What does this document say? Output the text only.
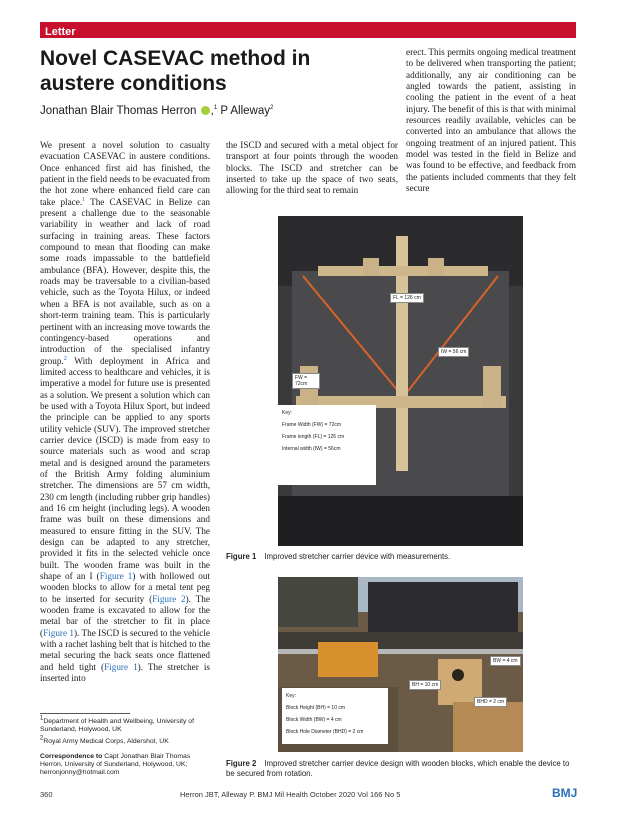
Letter
Novel CASEVAC method in austere conditions
Jonathan Blair Thomas Herron ,$^1$ P Alleway$^2$
We present a novel solution to casualty evacuation CASEVAC in austere conditions. Once enhanced first aid has finished, the patient in the field needs to be evacuated from the hot zone where enhanced field care can take place.$^1$ The CASEVAC in Belize can present a challenge due to the seasonable variability in weather and lack of road surfacing in training areas. These factors compound to mean that flooding can make some roads impassable to the battlefield ambulance (BFA). However, despite this, the roads may be traversable to a civilian-based vehicle, such as the Toyota Hilux, or indeed when a BFA is not available, such as on a short-term training team. This is particularly pertinent with an increasing move towards the contingency-based operations and introduction of the specialised infantry group.$^2$ With deployment in Africa and limited access to healthcare and vehicles, it is imperative a model for future use is presented as a solution. We present a solution which can be used with a Toyota Hilux Sport, but indeed the principle can be applied to any sports utility vehicle (SUV). The improved stretcher carrier device (ISCD) is made from easy to source materials such as wood and scrap metal and is designed around the parameters of the British Army folding aluminium stretcher. The dimensions are 57 cm width, 230 cm length (including rubber grip handles) and 16 cm height (including legs). A wooden frame was built on these dimensions and measured to ensure fitting in the SUV. The design can be adapted to any stretcher, provided it fits in the selected vehicle once built. The wooden frame was built in the shape of an I (Figure 1) with hollowed out wooden blocks to allow for a metal tent peg to be inserted for security (Figure 2). The wooden frame is excavated to allow for the metal bar of the stretcher to fit in place (Figure 1). The ISCD is secured to the vehicle with a rachet lashing belt that is hitched to the metal securing the back seats once flattened and held tight (Figure 1). The stretcher is inserted into
the ISCD and secured with a metal object for transport at four points through the wooden blocks. The ISCD and stretcher can be inserted to take up the space of two seats, allowing for the third seat to remain
erect. This permits ongoing medical treatment to be delivered when transporting the patient; additionally, any air conditioning can be angled towards the patient, assisting in cooling the patient in the event of a heat injury. The benefit of this is that with minimal resources readily available, vehicles can be converted into an ambulance that allows the ongoing treatment of an injured patient. This model was tested in the field in Belize and was found to be effective, and feedback from the patients included comments that they felt secure
FL = 126 cm
IW = 56 cm
FW = 72cm
Key:
Frame Width (FW) = 72cm
Frame length (FL) = 126 cm
Internal width (IW) = 56cm
Figure 1 Improved stretcher carrier device with measurements.
BW = 4 cm
BH = 10 cm
BHD = 2 cm
Key:
Block Height (BH) = 10 cm
Block Width (BW) = 4 cm
Block Hole Diameter (BHD) = 2 cm
Figure 2 Improved stretcher carrier device design with wooden blocks, which enable the device to be secured from rotation.
$^1$Department of Health and Wellbeing, University of Sunderland, Holywood, UK
$^2$Royal Army Medical Corps, Aldershot, UK
Correspondence to Capt Jonathan Blair Thomas Herron, University of Sunderland, Holywood, UK; herronjonny@hotmail.com
360	Herron JBT, Alleway P. BMJ Mil Health October 2020 Vol 166 No 5	BMJ
